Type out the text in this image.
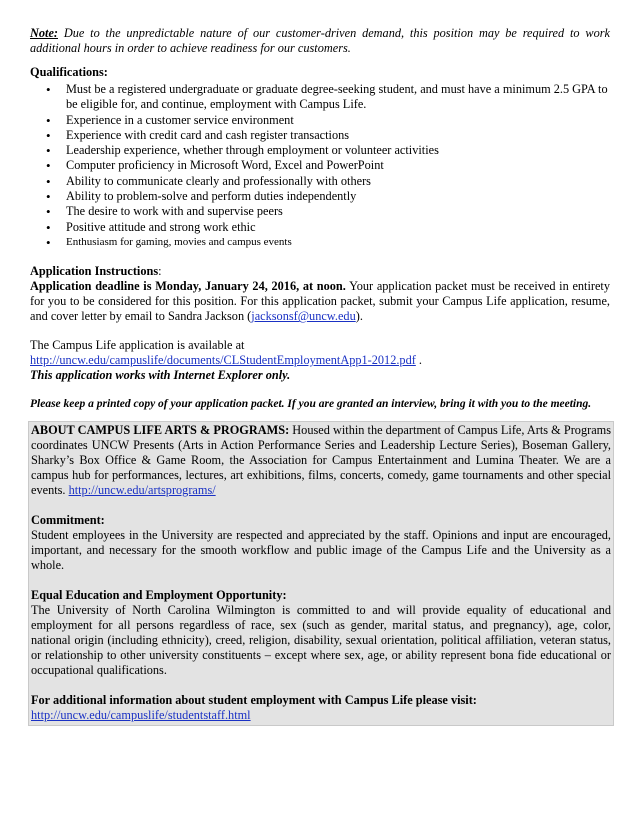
Note: Due to the unpredictable nature of our customer-driven demand, this position may be required to work additional hours in order to achieve readiness for our customers.

Qualifications:

• Must be a registered undergraduate or graduate degree-seeking student, and must have a minimum 2.5 GPA to be eligible for, and continue, employment with Campus Life.
• Experience in a customer service environment
• Experience with credit card and cash register transactions
• Leadership experience, whether through employment or volunteer activities
• Computer proficiency in Microsoft Word, Excel and PowerPoint
• Ability to communicate clearly and professionally with others
• Ability to problem-solve and perform duties independently
• The desire to work with and supervise peers
• Positive attitude and strong work ethic
• Enthusiasm for gaming, movies and campus events

Application Instructions:

Application deadline is Monday, January 24, 2016, at noon. Your application packet must be received in entirety for you to be considered for this position. For this application packet, submit your Campus Life application, resume, and cover letter by email to Sandra Jackson (jacksonsf@uncw.edu).

The Campus Life application is available at

http://uncw.edu/campuslife/documents/CLStudentEmploymentApp1-2012.pdf .

This application works with Internet Explorer only.

Please keep a printed copy of your application packet. If you are granted an interview, bring it with you to the meeting.

ABOUT CAMPUS LIFE ARTS & PROGRAMS: Housed within the department of Campus Life, Arts & Programs coordinates UNCW Presents (Arts in Action Performance Series and Leadership Lecture Series), Boseman Gallery, Sharky’s Box Office & Game Room, the Association for Campus Entertainment and Lumina Theater. We are a campus hub for performances, lectures, art exhibitions, films, concerts, comedy, game tournaments and other special events. http://uncw.edu/artsprograms/

Commitment:

Student employees in the University are respected and appreciated by the staff. Opinions and input are encouraged, important, and necessary for the smooth workflow and public image of the Campus Life and the University as a whole.

Equal Education and Employment Opportunity:

The University of North Carolina Wilmington is committed to and will provide equality of educational and employment for all persons regardless of race, sex (such as gender, marital status, and pregnancy), age, color, national origin (including ethnicity), creed, religion, disability, sexual orientation, political affiliation, veteran status, or relationship to other university constituents – except where sex, age, or ability represent bona fide educational or occupational qualifications.

For additional information about student employment with Campus Life please visit:

http://uncw.edu/campuslife/studentstaff.html
